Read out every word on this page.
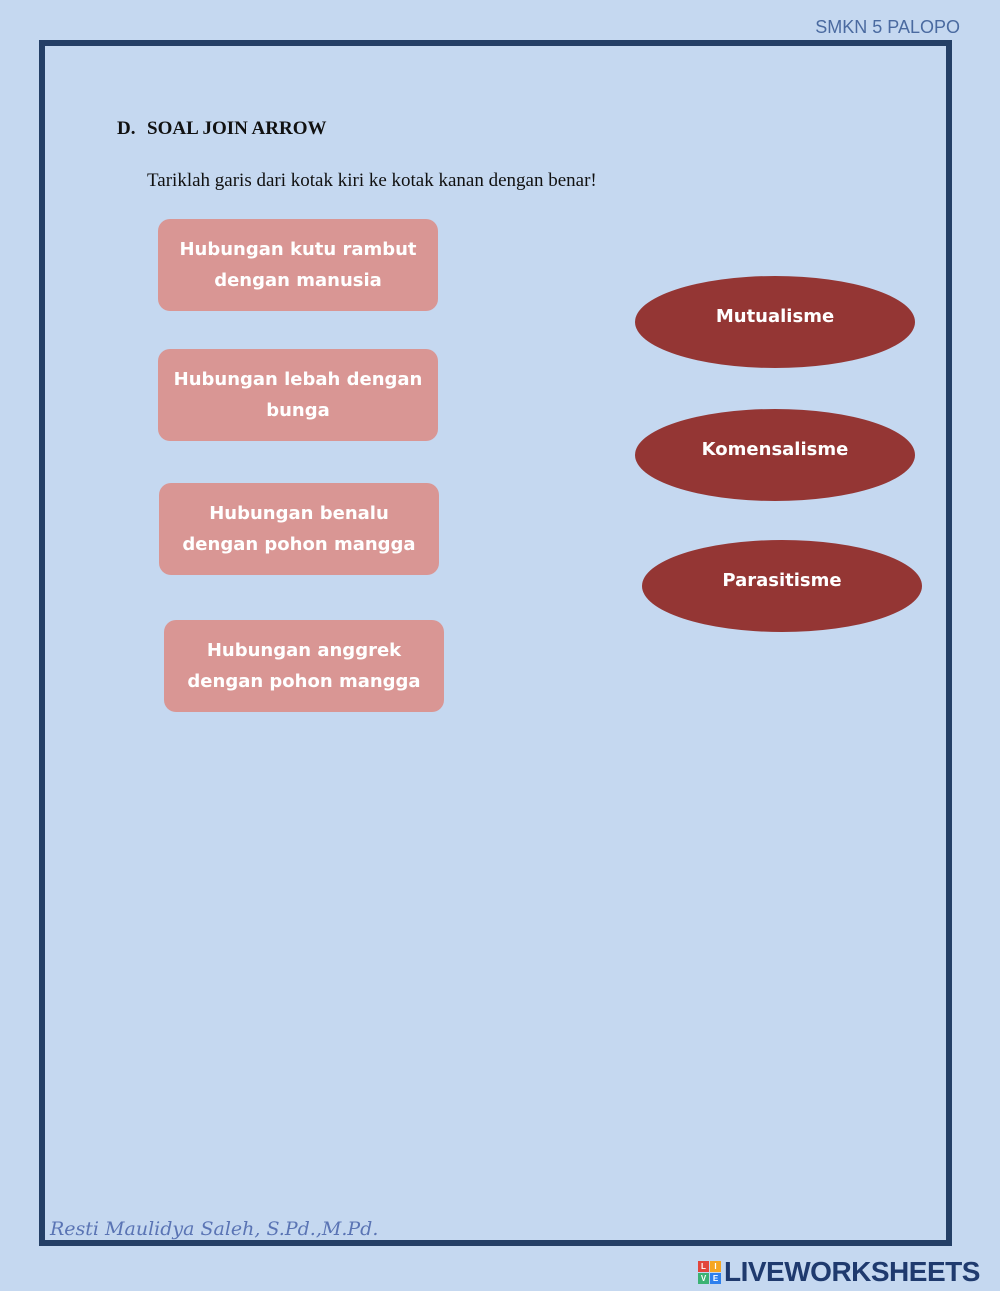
SMKN 5 PALOPO
D. SOAL JOIN ARROW
Tariklah garis dari kotak kiri ke kotak kanan dengan benar!
Hubungan kutu rambut dengan manusia
Hubungan lebah dengan bunga
Hubungan benalu dengan pohon mangga
Hubungan anggrek dengan pohon mangga
Mutualisme
Komensalisme
Parasitisme
Resti Maulidya Saleh, S.Pd.,M.Pd.
L	I
V E LIVEWORKSHEETS
